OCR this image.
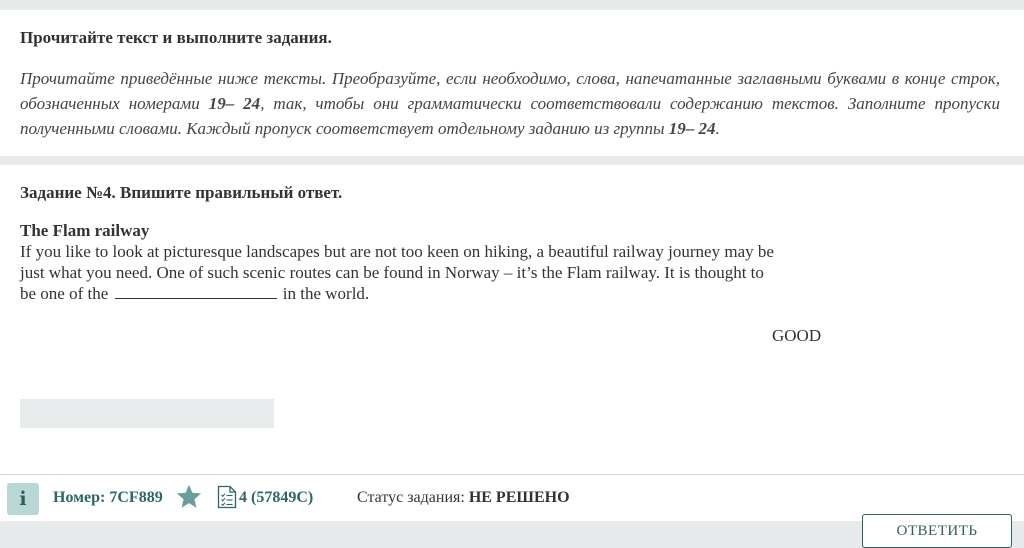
Прочитайте текст и выполните задания.
Прочитайте приведённые ниже тексты. Преобразуйте, если необходимо, слова, напечатанные заглавными буквами в конце строк, обозначенных номерами 19– 24, так, чтобы они грамматически соответствовали содержанию текстов. Заполните пропуски полученными словами. Каждый пропуск соответствует отдельному заданию из группы 19– 24.
Задание №4. Впишите правильный ответ.
The Flam railway
If you like to look at picturesque landscapes but are not too keen on hiking, a beautiful railway journey may be just what you need. One of such scenic routes can be found in Norway – it’s the Flam railway. It is thought to be one of the	in the world.
GOOD
i	Номер: 7CF889	4 (57849C)	Статус задания: НЕ РЕШЕНО
ОТВЕТИТЬ
